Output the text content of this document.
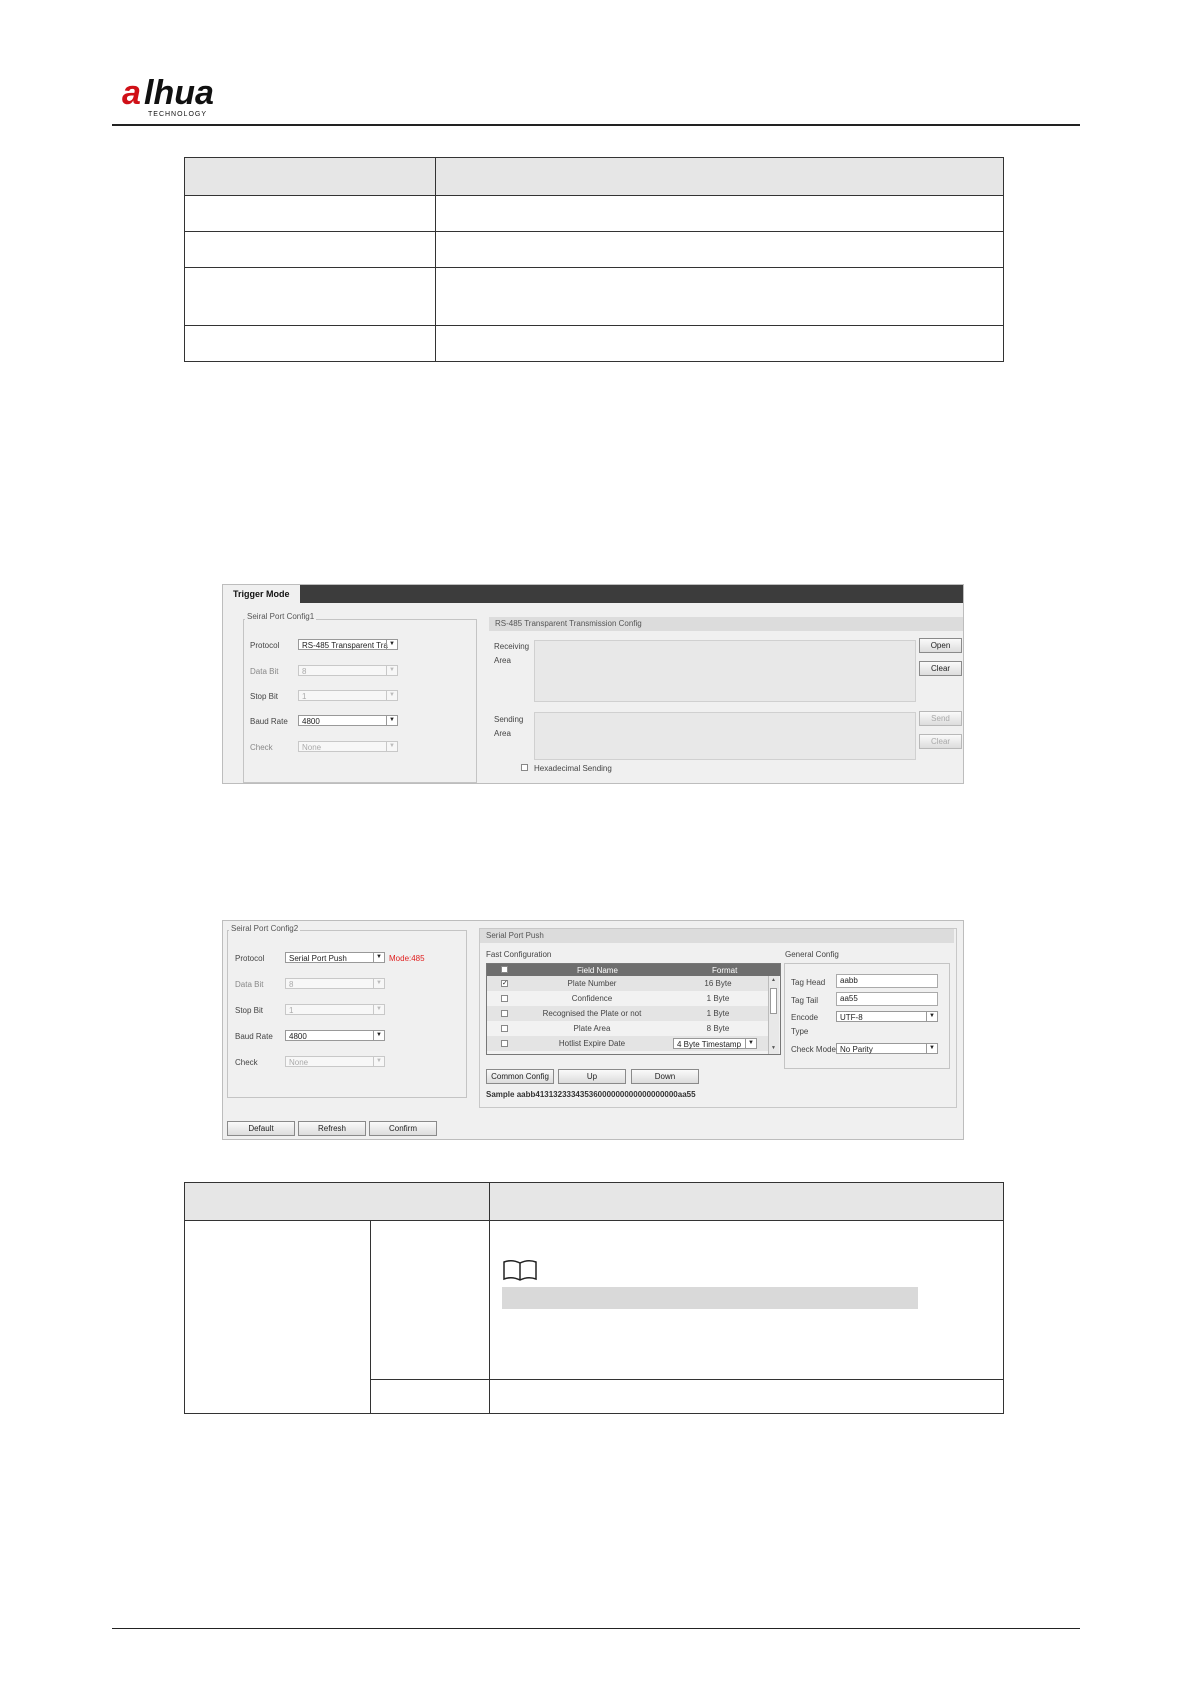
a lhua
TECHNOLOGY

Trigger Mode
Seiral Port Config1
Protocol	RS-485 Transparent Tra ▼
Data Bit	8	▼
Stop Bit	1	▼
Baud Rate	4800	▼
Check	None	▼
RS-485 Transparent Transmission Config
Receiving
Area
Open
Clear
Sending
Area
Send
Clear
Hexadecimal Sending
Seiral Port Config2
Protocol	Serial Port Push	▼ Mode:485
Data Bit	8	▼
Stop Bit	1	▼
Baud Rate	4800	▼
Check	None	▼
Serial Port Push
Fast Configuration
Field Name	Format
✓	Plate Number	16 Byte
Confidence	1 Byte
Recognised the Plate or not	1 Byte
Plate Area	8 Byte
Hotlist Expire Date	4 Byte Timestamp	▼
▲
▼
Common Config	Up	Down
Sample aabb41313233343536000000000000000000aa55
General Config
Tag Head	aabb
Tag Tail	aa55
Encode
Type
UTF-8	▼
Check Mode No Parity	▼
Default	Refresh	Confirm
